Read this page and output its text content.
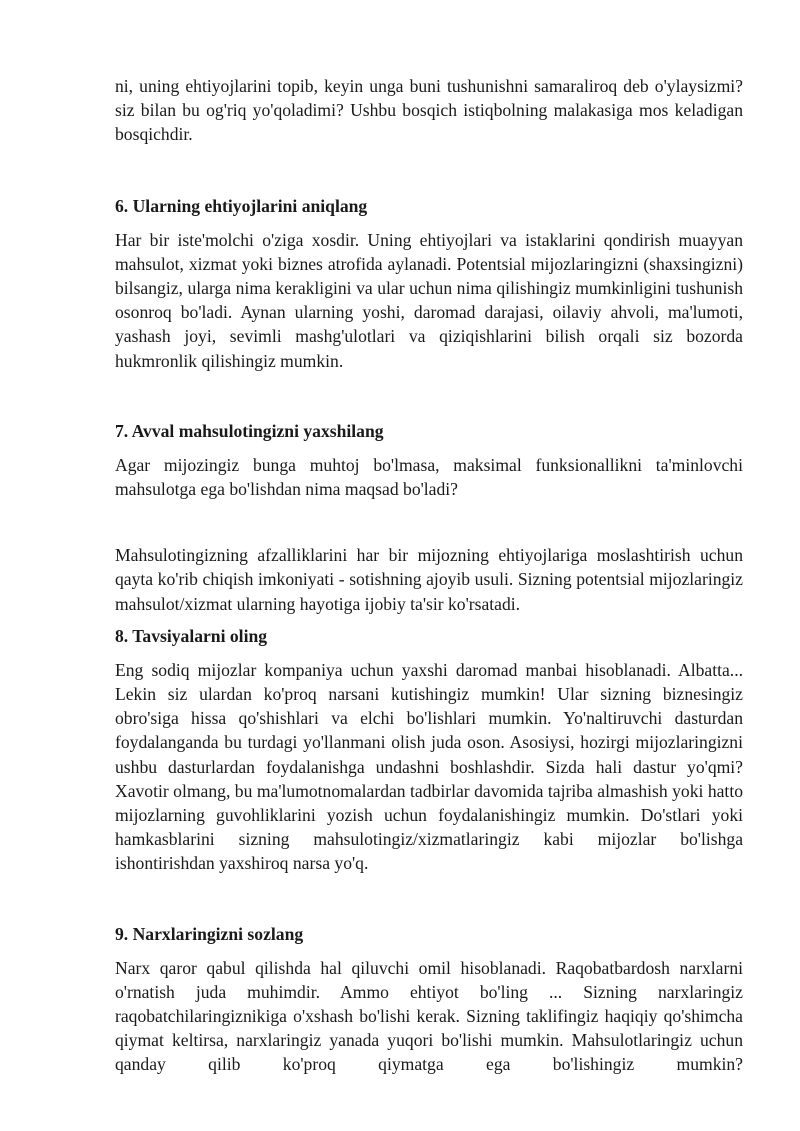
ni, uning ehtiyojlarini topib, keyin unga buni tushunishni samaraliroq deb o'ylaysizmi? siz bilan bu og'riq yo'qoladimi? Ushbu bosqich istiqbolning malakasiga mos keladigan bosqichdir.

6. Ularning ehtiyojlarini aniqlang

Har bir iste'molchi o'ziga xosdir. Uning ehtiyojlari va istaklarini qondirish muayyan mahsulot, xizmat yoki biznes atrofida aylanadi. Potentsial mijozlaringizni (shaxsingizni) bilsangiz, ularga nima kerakligini va ular uchun nima qilishingiz mumkinligini tushunish osonroq bo'ladi. Aynan ularning yoshi, daromad darajasi, oilaviy ahvoli, ma'lumoti, yashash joyi, sevimli mashg'ulotlari va qiziqishlarini bilish orqali siz bozorda hukmronlik qilishingiz mumkin.

7. Avval mahsulotingizni yaxshilang

Agar mijozingiz bunga muhtoj bo'lmasa, maksimal funksionallikni ta'minlovchi mahsulotga ega bo'lishdan nima maqsad bo'ladi?

Mahsulotingizning afzalliklarini har bir mijozning ehtiyojlariga moslashtirish uchun qayta ko'rib chiqish imkoniyati - sotishning ajoyib usuli. Sizning potentsial mijozlaringiz mahsulot/xizmat ularning hayotiga ijobiy ta'sir ko'rsatadi.

8. Tavsiyalarni oling

Eng sodiq mijozlar kompaniya uchun yaxshi daromad manbai hisoblanadi. Albatta... Lekin siz ulardan ko'proq narsani kutishingiz mumkin! Ular sizning biznesingiz obro'siga hissa qo'shishlari va elchi bo'lishlari mumkin. Yo'naltiruvchi dasturdan foydalanganda bu turdagi yo'llanmani olish juda oson. Asosiysi, hozirgi mijozlaringizni ushbu dasturlardan foydalanishga undashni boshlashdir. Sizda hali dastur yo'qmi? Xavotir olmang, bu ma'lumotnomalardan tadbirlar davomida tajriba almashish yoki hatto mijozlarning guvohliklarini yozish uchun foydalanishingiz mumkin. Do'stlari yoki hamkasblarini sizning mahsulotingiz/xizmatlaringiz kabi mijozlar bo'lishga ishontirishdan yaxshiroq narsa yo'q.

9. Narxlaringizni sozlang

Narx qaror qabul qilishda hal qiluvchi omil hisoblanadi. Raqobatbardosh narxlarni o'rnatish juda muhimdir. Ammo ehtiyot bo'ling ... Sizning narxlaringiz raqobatchilaringiznikiga o'xshash bo'lishi kerak. Sizning taklifingiz haqiqiy qo'shimcha qiymat keltirsa, narxlaringiz yanada yuqori bo'lishi mumkin. Mahsulotlaringiz uchun qanday qilib ko'proq qiymatga ega bo'lishingiz mumkin?
